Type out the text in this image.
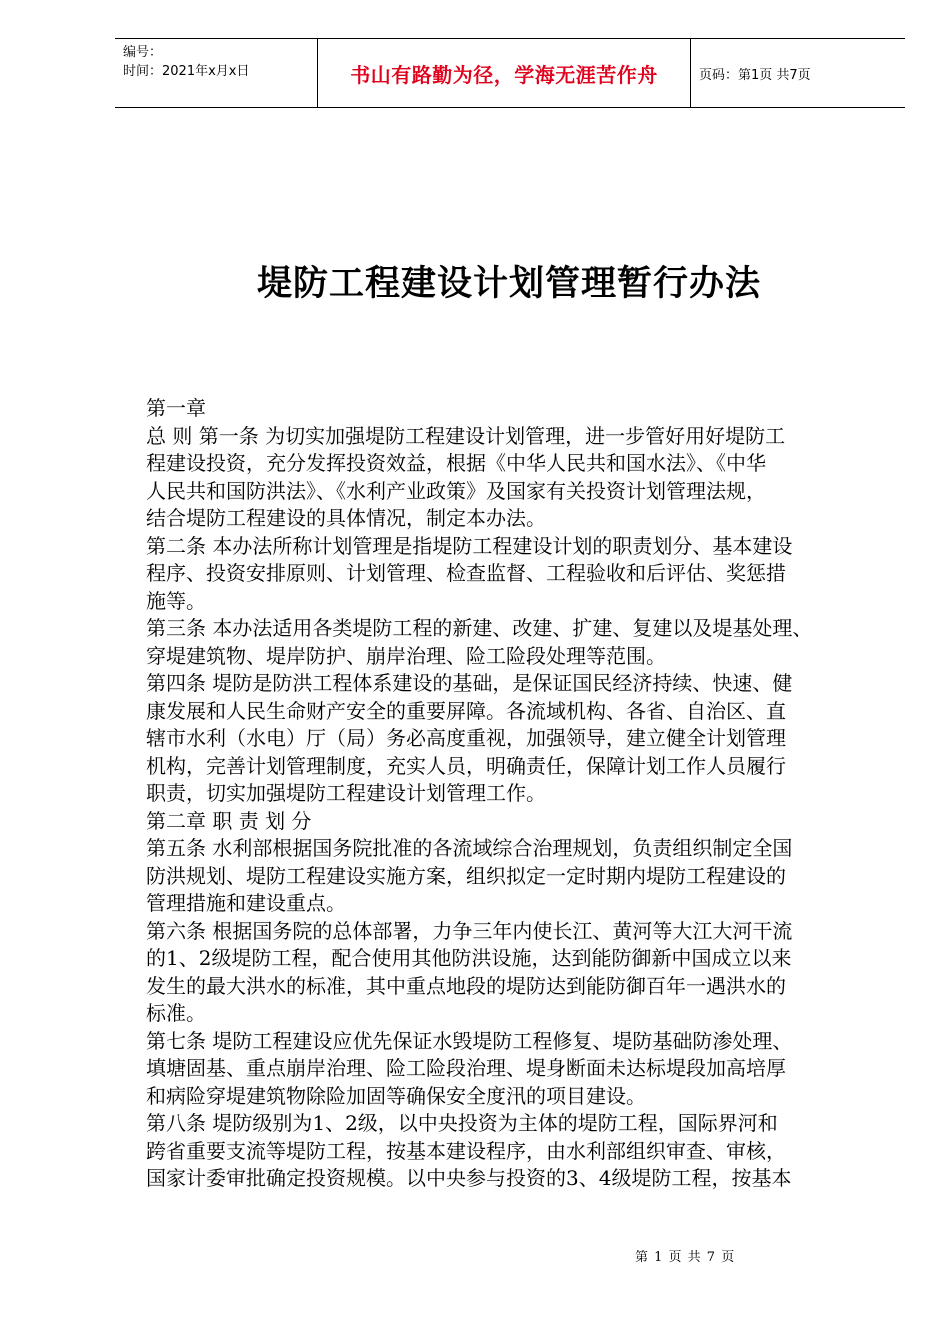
编号：
时间：2021年x月x日	书山有路勤为径，学海无涯苦作舟	页码：第1页 共7页
堤防工程建设计划管理暂行办法
第一章
总 则 第一条 为切实加强堤防工程建设计划管理，进一步管好用好堤防工
程建设投资，充分发挥投资效益，根据《中华人民共和国水法》、《中华
人民共和国防洪法》、《水利产业政策》及国家有关投资计划管理法规，
结合堤防工程建设的具体情况，制定本办法。
第二条 本办法所称计划管理是指堤防工程建设计划的职责划分、基本建设
程序、投资安排原则、计划管理、检查监督、工程验收和后评估、奖惩措
施等。
第三条 本办法适用各类堤防工程的新建、改建、扩建、复建以及堤基处理、
穿堤建筑物、堤岸防护、崩岸治理、险工险段处理等范围。
第四条 堤防是防洪工程体系建设的基础，是保证国民经济持续、快速、健
康发展和人民生命财产安全的重要屏障。各流域机构、各省、自治区、直
辖市水利（水电）厅（局）务必高度重视，加强领导，建立健全计划管理
机构，完善计划管理制度，充实人员，明确责任，保障计划工作人员履行
职责，切实加强堤防工程建设计划管理工作。
第二章 职 责 划 分
第五条 水利部根据国务院批准的各流域综合治理规划，负责组织制定全国
防洪规划、堤防工程建设实施方案，组织拟定一定时期内堤防工程建设的
管理措施和建设重点。
第六条 根据国务院的总体部署，力争三年内使长江、黄河等大江大河干流
的1、2级堤防工程，配合使用其他防洪设施，达到能防御新中国成立以来
发生的最大洪水的标准，其中重点地段的堤防达到能防御百年一遇洪水的
标准。
第七条 堤防工程建设应优先保证水毁堤防工程修复、堤防基础防渗处理、
填塘固基、重点崩岸治理、险工险段治理、堤身断面未达标堤段加高培厚
和病险穿堤建筑物除险加固等确保安全度汛的项目建设。
第八条 堤防级别为1、2级，以中央投资为主体的堤防工程，国际界河和
跨省重要支流等堤防工程，按基本建设程序，由水利部组织审查、审核，
国家计委审批确定投资规模。以中央参与投资的3、4级堤防工程，按基本
第 1 页 共 7 页
